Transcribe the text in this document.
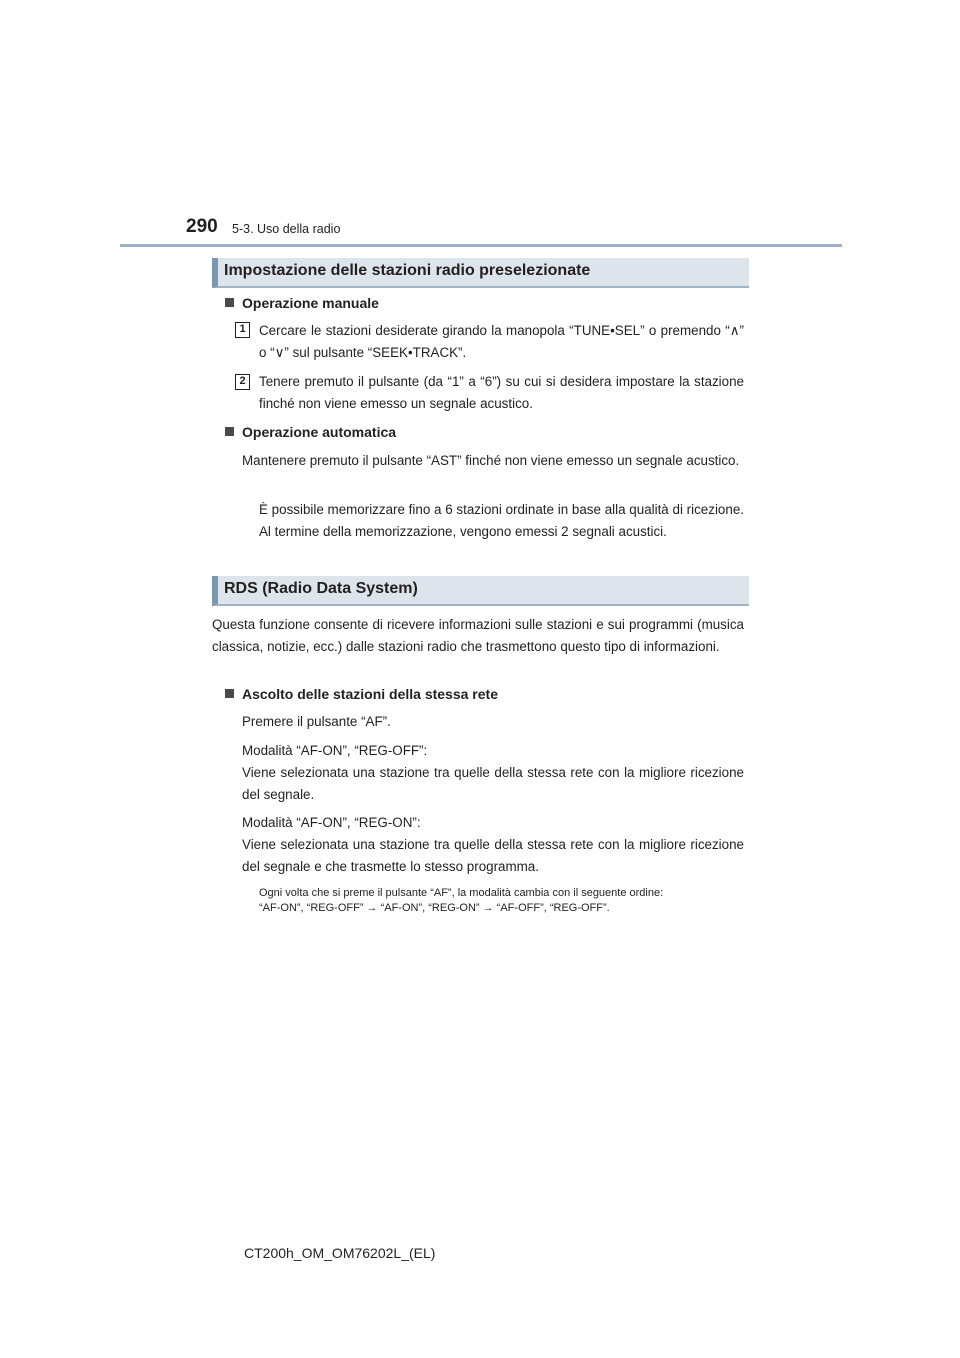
290 5-3. Uso della radio
Impostazione delle stazioni radio preselezionate
Operazione manuale
1	Cercare le stazioni desiderate girando la manopola “TUNE•SEL” o premendo “∧” o “∨” sul pulsante “SEEK•TRACK”.
2	Tenere premuto il pulsante (da “1” a “6”) su cui si desidera impostare la stazione finché non viene emesso un segnale acustico.
Operazione automatica
Mantenere premuto il pulsante “AST” finché non viene emesso un segnale acustico.
È possibile memorizzare fino a 6 stazioni ordinate in base alla qualità di ricezione. Al termine della memorizzazione, vengono emessi 2 segnali acustici.
RDS (Radio Data System)
Questa funzione consente di ricevere informazioni sulle stazioni e sui programmi (musica classica, notizie, ecc.) dalle stazioni radio che trasmettono questo tipo di informazioni.
Ascolto delle stazioni della stessa rete
Premere il pulsante “AF”.
Modalità “AF-ON”, “REG-OFF”:
Viene selezionata una stazione tra quelle della stessa rete con la migliore ricezione del segnale.
Modalità “AF-ON”, “REG-ON”:
Viene selezionata una stazione tra quelle della stessa rete con la migliore ricezione del segnale e che trasmette lo stesso programma.
Ogni volta che si preme il pulsante “AF”, la modalità cambia con il seguente ordine:
“AF-ON”, “REG-OFF” → “AF-ON”, “REG-ON” → “AF-OFF”, “REG-OFF”.
CT200h_OM_OM76202L_(EL)
